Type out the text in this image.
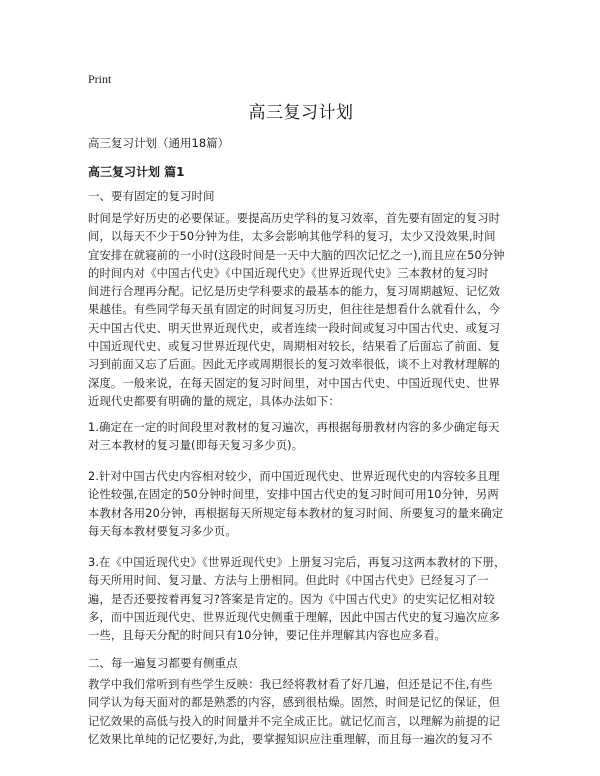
Print
高三复习计划
高三复习计划（通用18篇）
高三复习计划 篇1
一、要有固定的复习时间
时间是学好历史的必要保证。要提高历史学科的复习效率，首先要有固定的复习时
间，以每天不少于50分钟为佳，太多会影响其他学科的复习，太少又没效果,时间
宜安排在就寝前的一小时(这段时间是一天中大脑的四次记忆之一),而且应在50分钟
的时间内对《中国古代史》《中国近现代史》《世界近现代史》三本教材的复习时
间进行合理再分配。记忆是历史学科要求的最基本的能力，复习周期越短、记忆效
果越佳。有些同学每天虽有固定的时间复习历史，但往往是想看什么就看什么，今
天中国古代史、明天世界近现代史，或者连续一段时间或复习中国古代史、或复习
中国近现代史、或复习世界近现代史，周期相对较长，结果看了后面忘了前面、复
习到前面又忘了后面。因此无序或周期很长的复习效率很低，谈不上对教材理解的
深度。一般来说，在每天固定的复习时间里，对中国古代史、中国近现代史、世界
近现代史都要有明确的量的规定，具体办法如下：
1.确定在一定的时间段里对教材的复习遍次，再根据每册教材内容的多少确定每天
对三本教材的复习量(即每天复习多少页)。
2.针对中国古代史内容相对较少，而中国近现代史、世界近现代史的内容较多且理
论性较强,在固定的50分钟时间里，安排中国古代史的复习时间可用10分钟，另两
本教材各用20分钟，再根据每天所规定每本教材的复习时间、所要复习的量来确定
每天每本教材要复习多少页。
3.在《中国近现代史》《世界近现代史》上册复习完后，再复习这两本教材的下册，
每天所用时间、复习量、方法与上册相同。但此时《中国古代史》已经复习了一
遍，是否还要按着再复习?答案是肯定的。因为《中国古代史》的史实记忆相对较
多，而中国近现代史、世界近现代史侧重于理解，因此中国古代史的复习遍次应多
一些，且每天分配的时间只有10分钟，要记住并理解其内容也应多看。
二、每一遍复习都要有侧重点
教学中我们常听到有些学生反映：我已经将教材看了好几遍，但还是记不住,有些
同学认为每天面对的都是熟悉的内容，感到很枯燥。固然，时间是记忆的保证，但
记忆效果的高低与投入的时间量并不完全成正比。就记忆而言，以理解为前提的记
忆效果比单纯的记忆要好,为此，要掌握知识应注重理解，而且每一遍次的复习不
